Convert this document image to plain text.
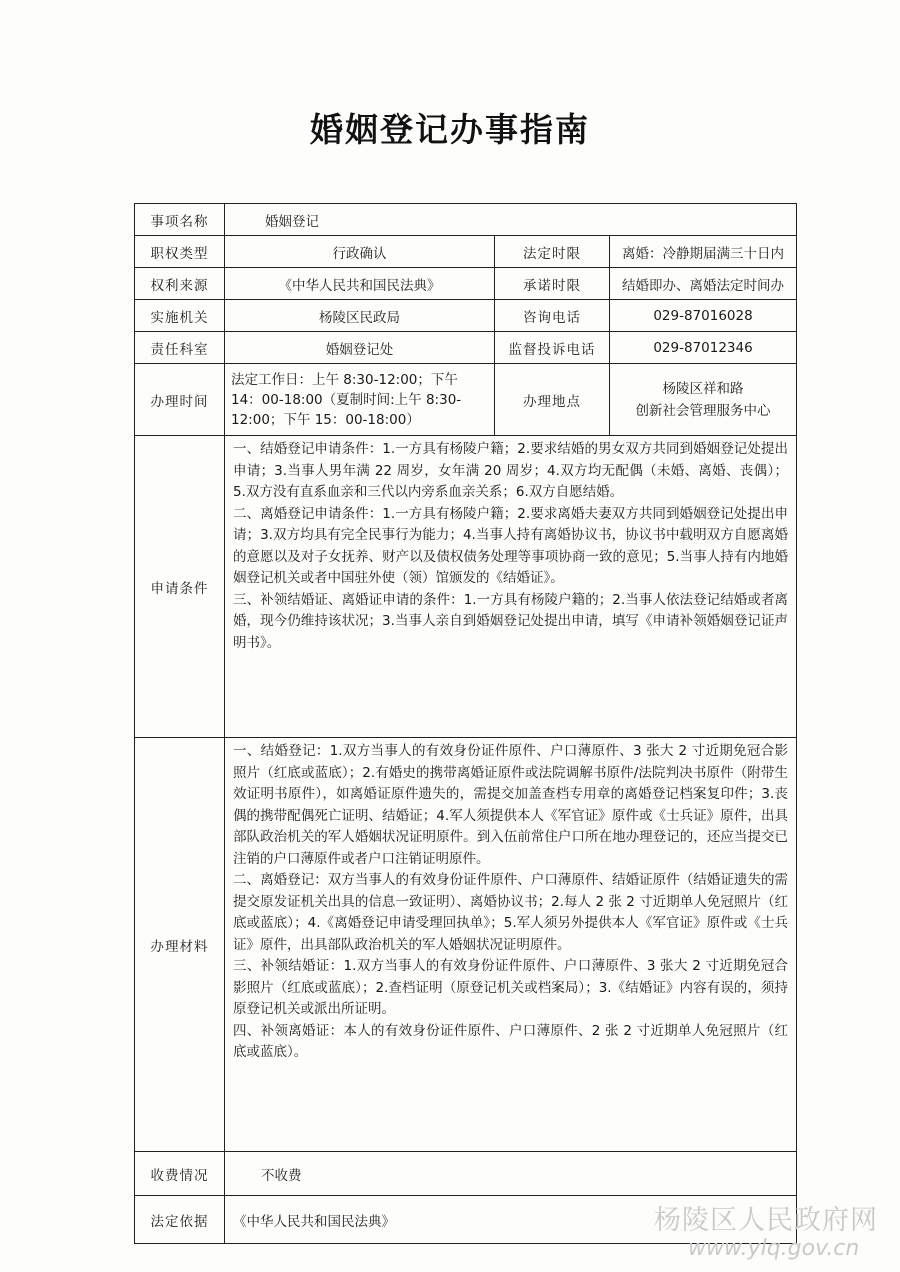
婚姻登记办事指南
事项名称	婚姻登记		
职权类型	行政确认	法定时限	离婚：冷静期届满三十日内
权利来源	《中华人民共和国民法典》	承诺时限	结婚即办、离婚法定时间办
实施机关	杨陵区民政局	咨询电话	029-87016028
责任科室	婚姻登记处	监督投诉电话	029-87012346
办理时间	法定工作日：上午 8:30-12:00；下午 14：00-18:00（夏制时间:上午 8:30-12:00；下午 15：00-18:00）	办理地点	杨陵区祥和路
创新社会管理服务中心

申请条件	一、结婚登记申请条件：1.一方具有杨陵户籍；2.要求结婚的男女双方共同到婚姻登记处提出申请；3.当事人男年满 22 周岁，女年满 20 周岁；4.双方均无配偶（未婚、离婚、丧偶）；5.双方没有直系血亲和三代以内旁系血亲关系；6.双方自愿结婚。

二、离婚登记申请条件：1.一方具有杨陵户籍；2.要求离婚夫妻双方共同到婚姻登记处提出申请；3.双方均具有完全民事行为能力；4.当事人持有离婚协议书，协议书中载明双方自愿离婚的意愿以及对子女抚养、财产以及债权债务处理等事项协商一致的意见；5.当事人持有内地婚姻登记机关或者中国驻外使（领）馆颁发的《结婚证》。

三、补领结婚证、离婚证申请的条件：1.一方具有杨陵户籍的；2.当事人依法登记结婚或者离婚，现今仍维持该状况；3.当事人亲自到婚姻登记处提出申请，填写《申请补领婚姻登记证声明书》。		

办理材料	一、结婚登记：1.双方当事人的有效身份证件原件、户口薄原件、3 张大 2 寸近期免冠合影照片（红底或蓝底）；2.有婚史的携带离婚证原件或法院调解书原件/法院判决书原件（附带生效证明书原件），如离婚证原件遗失的，需提交加盖查档专用章的离婚登记档案复印件；3.丧偶的携带配偶死亡证明、结婚证；4.军人须提供本人《军官证》原件或《士兵证》原件，出具部队政治机关的军人婚姻状况证明原件。到入伍前常住户口所在地办理登记的，还应当提交已注销的户口薄原件或者户口注销证明原件。

二、离婚登记：双方当事人的有效身份证件原件、户口薄原件、结婚证原件（结婚证遗失的需提交原发证机关出具的信息一致证明）、离婚协议书；2.每人 2 张 2 寸近期单人免冠照片（红底或蓝底）；4.《离婚登记申请受理回执单》；5.军人须另外提供本人《军官证》原件或《士兵证》原件，出具部队政治机关的军人婚姻状况证明原件。

三、补领结婚证：1.双方当事人的有效身份证件原件、户口薄原件、3 张大 2 寸近期免冠合影照片（红底或蓝底）；2.查档证明（原登记机关或档案局）；3.《结婚证》内容有误的，须持原登记机关或派出所证明。

四、补领离婚证：本人的有效身份证件原件、户口薄原件、2 张 2 寸近期单人免冠照片（红底或蓝底）。		

收费情况	不收费		
法定依据	《中华人民共和国民法典》			杨陵区人民政府网
www.ylq.gov.cn
